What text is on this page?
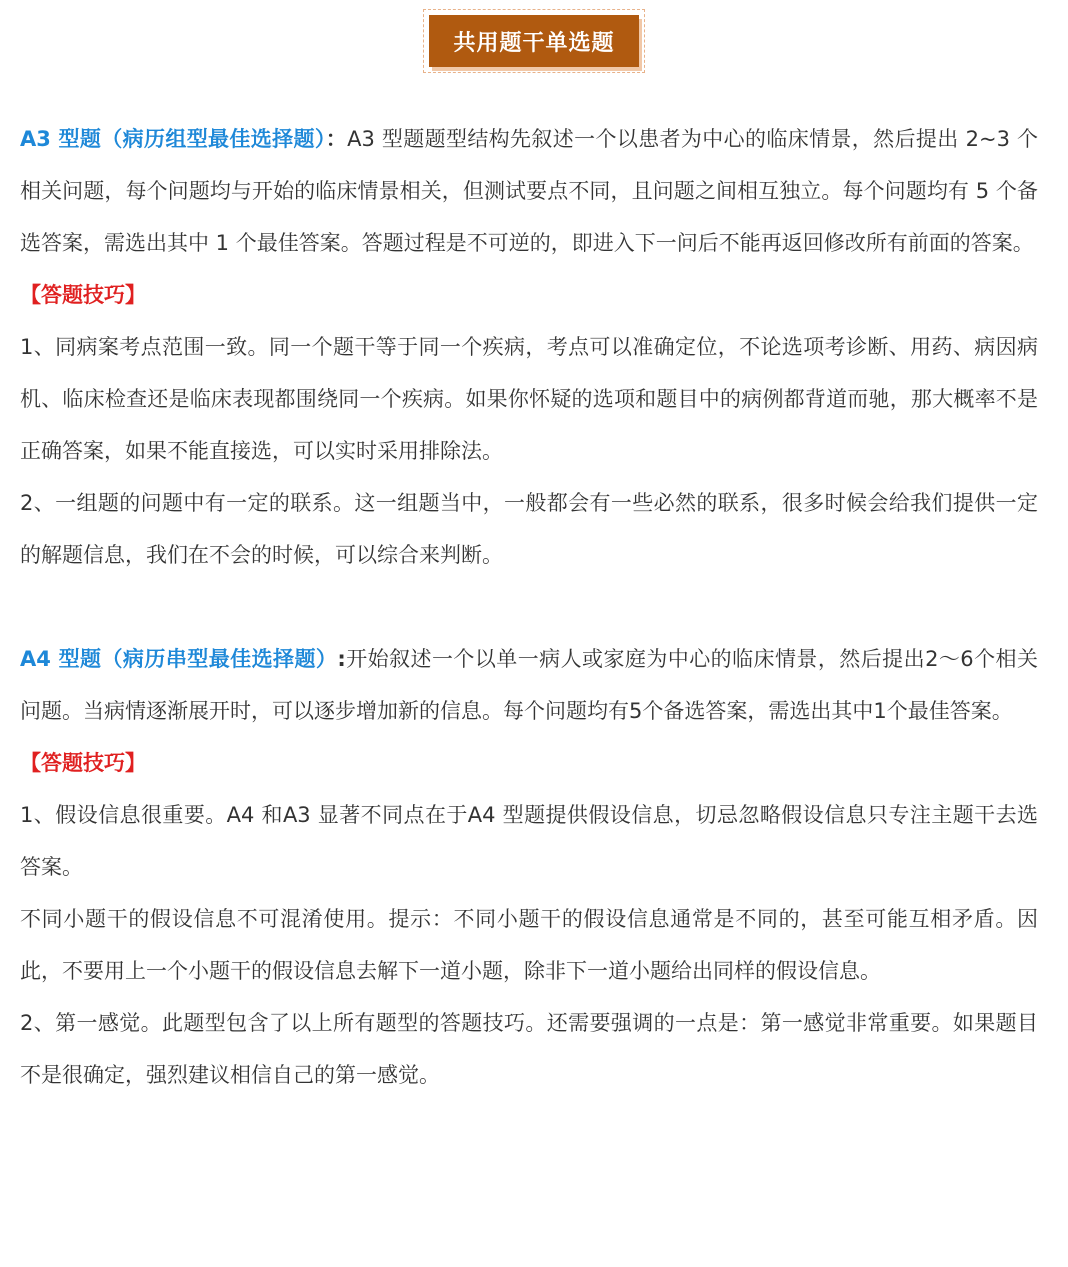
共用题干单选题

A3 型题（病历组型最佳选择题）：A3 型题题型结构先叙述一个以患者为中心的临床情景，然后提出 2~3 个相关问题，每个问题均与开始的临床情景相关，但测试要点不同，且问题之间相互独立。每个问题均有 5 个备选答案，需选出其中 1 个最佳答案。答题过程是不可逆的，即进入下一问后不能再返回修改所有前面的答案。

【答题技巧】

1、同病案考点范围一致。同一个题干等于同一个疾病，考点可以准确定位，不论选项考诊断、用药、病因病机、临床检查还是临床表现都围绕同一个疾病。如果你怀疑的选项和题目中的病例都背道而驰，那大概率不是正确答案，如果不能直接选，可以实时采用排除法。

2、一组题的问题中有一定的联系。这一组题当中，一般都会有一些必然的联系，很多时候会给我们提供一定的解题信息，我们在不会的时候，可以综合来判断。

A4 型题（病历串型最佳选择题）:开始叙述一个以单一病人或家庭为中心的临床情景，然后提出2～6个相关问题。当病情逐渐展开时，可以逐步增加新的信息。每个问题均有5个备选答案，需选出其中1个最佳答案。

【答题技巧】

1、假设信息很重要。A4 和A3 显著不同点在于A4 型题提供假设信息，切忌忽略假设信息只专注主题干去选答案。

不同小题干的假设信息不可混淆使用。提示：不同小题干的假设信息通常是不同的，甚至可能互相矛盾。因此，不要用上一个小题干的假设信息去解下一道小题，除非下一道小题给出同样的假设信息。

2、第一感觉。此题型包含了以上所有题型的答题技巧。还需要强调的一点是：第一感觉非常重要。如果题目不是很确定，强烈建议相信自己的第一感觉。
